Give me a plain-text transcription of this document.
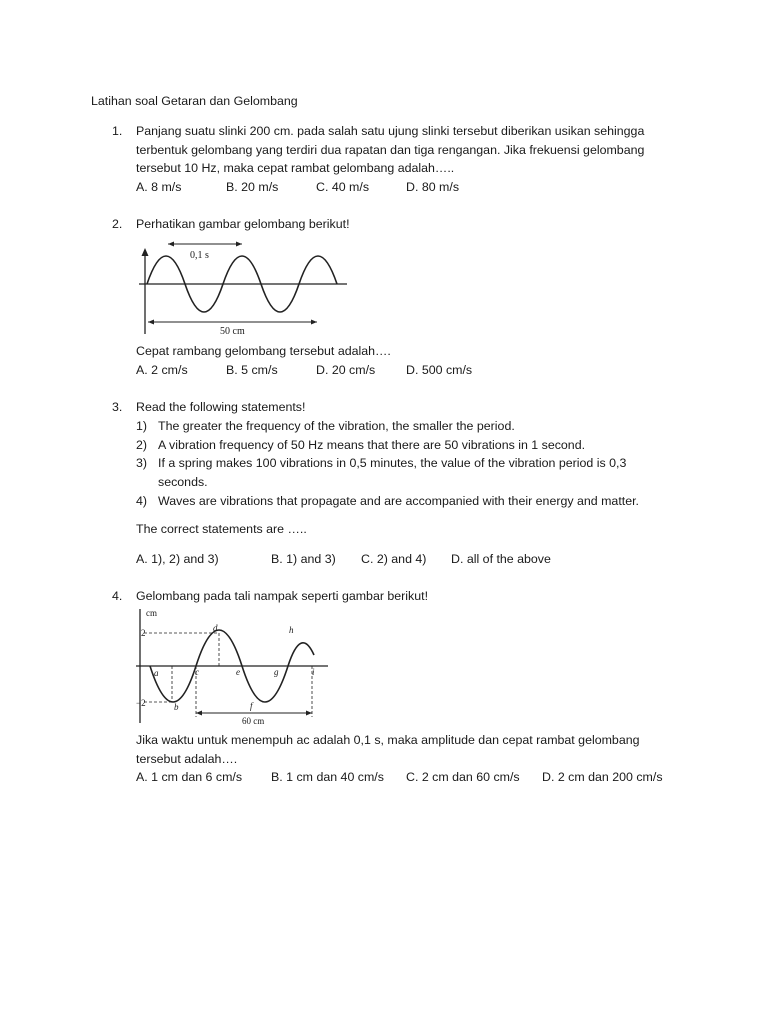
Latihan soal Getaran dan Gelombang
1. Panjang suatu slinki 200 cm. pada salah satu ujung slinki tersebut diberikan usikan sehingga
terbentuk gelombang yang terdiri dua rapatan dan tiga rengangan. Jika frekuensi gelombang
tersebut 10 Hz, maka cepat rambat gelombang adalah…..
A. 8 m/s	B. 20 m/s	C. 40 m/s	D. 80 m/s
2. Perhatikan gambar gelombang berikut!
0,1 s
50 cm
Cepat rambang gelombang tersebut adalah….
A. 2 cm/s	B. 5 cm/s	D. 20 cm/s D. 500 cm/s
3. Read the following statements!
1) The greater the frequency of the vibration, the smaller the period.
2) A vibration frequency of 50 Hz means that there are 50 vibrations in 1 second.
3) If a spring makes 100 vibrations in 0,5 minutes, the value of the vibration period is 0,3
seconds.
4) Waves are vibrations that propagate and are accompanied with their energy and matter.
The correct statements are …..
A. 1), 2) and 3)	B. 1) and 3) C. 2) and 4) D. all of the above
4. Gelombang pada tali nampak seperti gambar berikut!
cm
2
−2
a
b
c
d
e
f
g
h
i
60 cm
Jika waktu untuk menempuh ac adalah 0,1 s, maka amplitude dan cepat rambat gelombang
tersebut adalah….
A. 1 cm dan 6 cm/s B. 1 cm dan 40 cm/s C. 2 cm dan 60 cm/s D. 2 cm dan 200 cm/s
